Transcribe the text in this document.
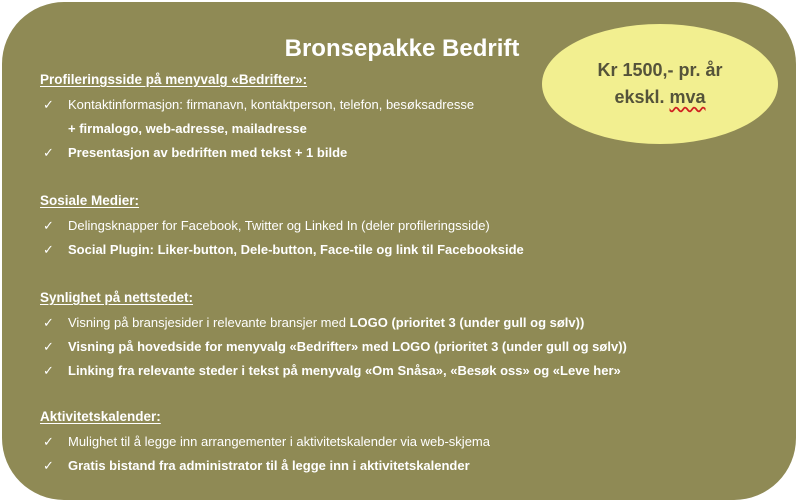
Bronsepakke Bedrift
Kr 1500,- pr. år
ekskl. mva
Profileringsside på menyvalg «Bedrifter»:
✓ Kontaktinformasjon: firmanavn, kontaktperson, telefon, besøksadresse
+ firmalogo, web-adresse, mailadresse
✓ Presentasjon av bedriften med tekst + 1 bilde
Sosiale Medier:
✓ Delingsknapper for Facebook, Twitter og Linked In (deler profileringsside)
✓ Social Plugin: Liker-button, Dele-button, Face-tile og link til Facebookside
Synlighet på nettstedet:
✓ Visning på bransjesider i relevante bransjer med LOGO (prioritet 3 (under gull og sølv))
✓ Visning på hovedside for menyvalg «Bedrifter» med LOGO (prioritet 3 (under gull og sølv))
✓ Linking fra relevante steder i tekst på menyvalg «Om Snåsa», «Besøk oss» og «Leve her»
Aktivitetskalender:
✓ Mulighet til å legge inn arrangementer i aktivitetskalender via web-skjema
✓ Gratis bistand fra administrator til å legge inn i aktivitetskalender
